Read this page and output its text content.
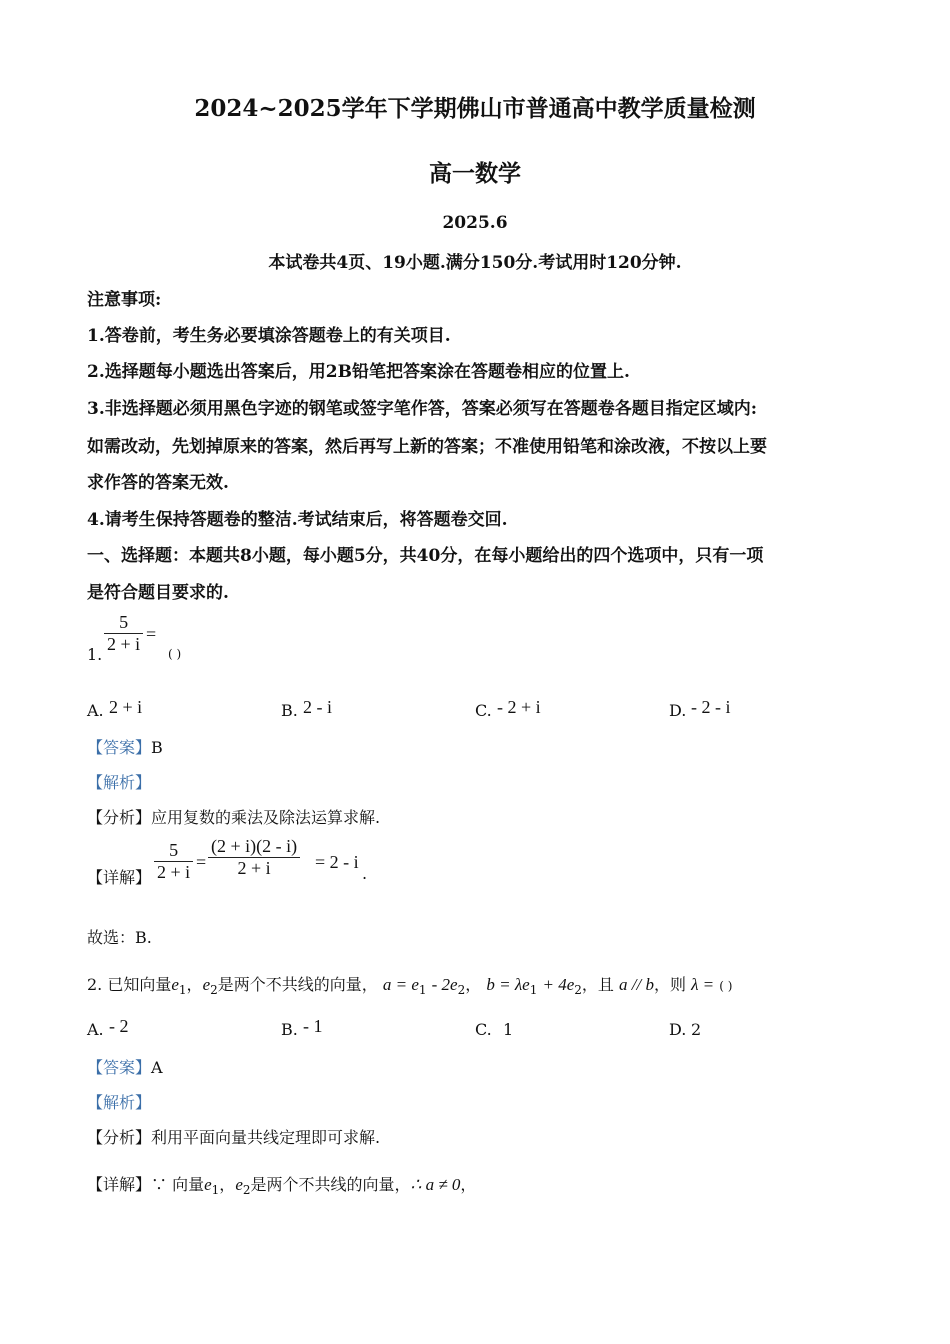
2024~2025学年下学期佛山市普通高中教学质量检测
高一数学
2025.6
本试卷共4页、19小题.满分150分.考试用时120分钟.
注意事项:
1.答卷前，考生务必要填涂答题卷上的有关项目.
2.选择题每小题选出答案后，用2B铅笔把答案涂在答题卷相应的位置上.
3.非选择题必须用黑色字迹的钢笔或签字笔作答，答案必须写在答题卷各题目指定区域内:
如需改动，先划掉原来的答案，然后再写上新的答案；不准使用铅笔和涂改液，不按以上要
求作答的答案无效.
4.请考生保持答题卷的整洁.考试结束后，将答题卷交回.
一、选择题：本题共8小题，每小题5分，共40分，在每小题给出的四个选项中，只有一项
是符合题目要求的.
1.
5
2 + i =
( )
A. 2 + i	B. 2 - i	C. - 2 + i	D. - 2 - i
【答案】B
【解析】
【分析】应用复数的乘法及除法运算求解.
【详解】
5
2 + i =
(2 + i)(2 - i)
2 + i	= 2 - i
.
故选：B.
2. 已知向量$e_1$，$e_2$是两个不共线的向量， $a = e_1 - 2e_2$， $b = \lambda e_1 + 4e_2$，且 a // b，则 λ = ( )
A. - 2	B. - 1	C. 1	D. 2
【答案】A
【解析】
【分析】利用平面向量共线定理即可求解.
【详解】∵ 向量$e_1$，$e_2$是两个不共线的向量，∴ a ≠ 0，
